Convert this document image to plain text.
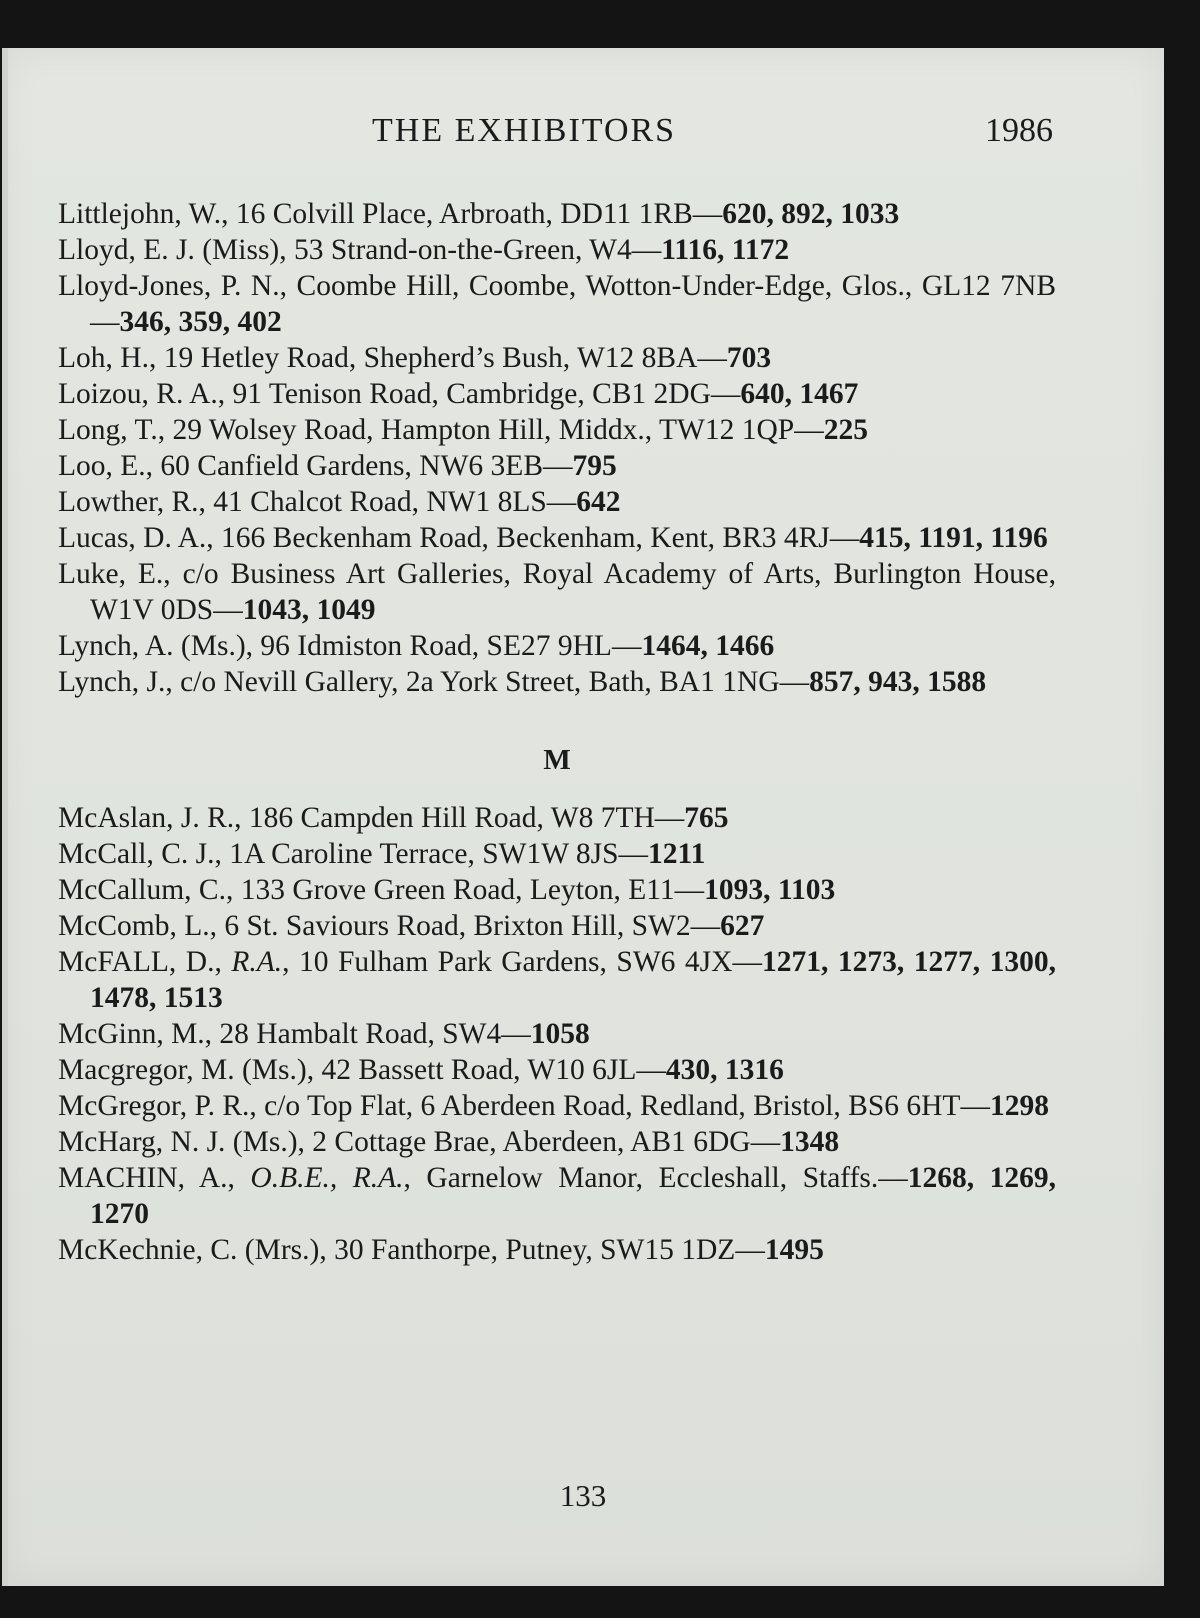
THE EXHIBITORS	1986

Littlejohn, W., 16 Colvill Place, Arbroath, DD11 1RB—620, 892, 1033

Lloyd, E. J. (Miss), 53 Strand-on-the-Green, W4—1116, 1172

Lloyd-Jones, P. N., Coombe Hill, Coombe, Wotton-Under-Edge, Glos., GL12 7NB—346, 359, 402

Loh, H., 19 Hetley Road, Shepherd’s Bush, W12 8BA—703

Loizou, R. A., 91 Tenison Road, Cambridge, CB1 2DG—640, 1467

Long, T., 29 Wolsey Road, Hampton Hill, Middx., TW12 1QP—225

Loo, E., 60 Canfield Gardens, NW6 3EB—795

Lowther, R., 41 Chalcot Road, NW1 8LS—642

Lucas, D. A., 166 Beckenham Road, Beckenham, Kent, BR3 4RJ—415, 1191, 1196

Luke, E., c/o Business Art Galleries, Royal Academy of Arts, Burlington House, W1V 0DS—1043, 1049

Lynch, A. (Ms.), 96 Idmiston Road, SE27 9HL—1464, 1466

Lynch, J., c/o Nevill Gallery, 2a York Street, Bath, BA1 1NG—857, 943, 1588

M

McAslan, J. R., 186 Campden Hill Road, W8 7TH—765

McCall, C. J., 1A Caroline Terrace, SW1W 8JS—1211

McCallum, C., 133 Grove Green Road, Leyton, E11—1093, 1103

McComb, L., 6 St. Saviours Road, Brixton Hill, SW2—627

McFALL, D., R.A., 10 Fulham Park Gardens, SW6 4JX—1271, 1273, 1277, 1300, 1478, 1513

McGinn, M., 28 Hambalt Road, SW4—1058

Macgregor, M. (Ms.), 42 Bassett Road, W10 6JL—430, 1316

McGregor, P. R., c/o Top Flat, 6 Aberdeen Road, Redland, Bristol, BS6 6HT—1298

McHarg, N. J. (Ms.), 2 Cottage Brae, Aberdeen, AB1 6DG—1348

MACHIN, A., O.B.E., R.A., Garnelow Manor, Eccleshall, Staffs.—1268, 1269, 1270

McKechnie, C. (Mrs.), 30 Fanthorpe, Putney, SW15 1DZ—1495

133
